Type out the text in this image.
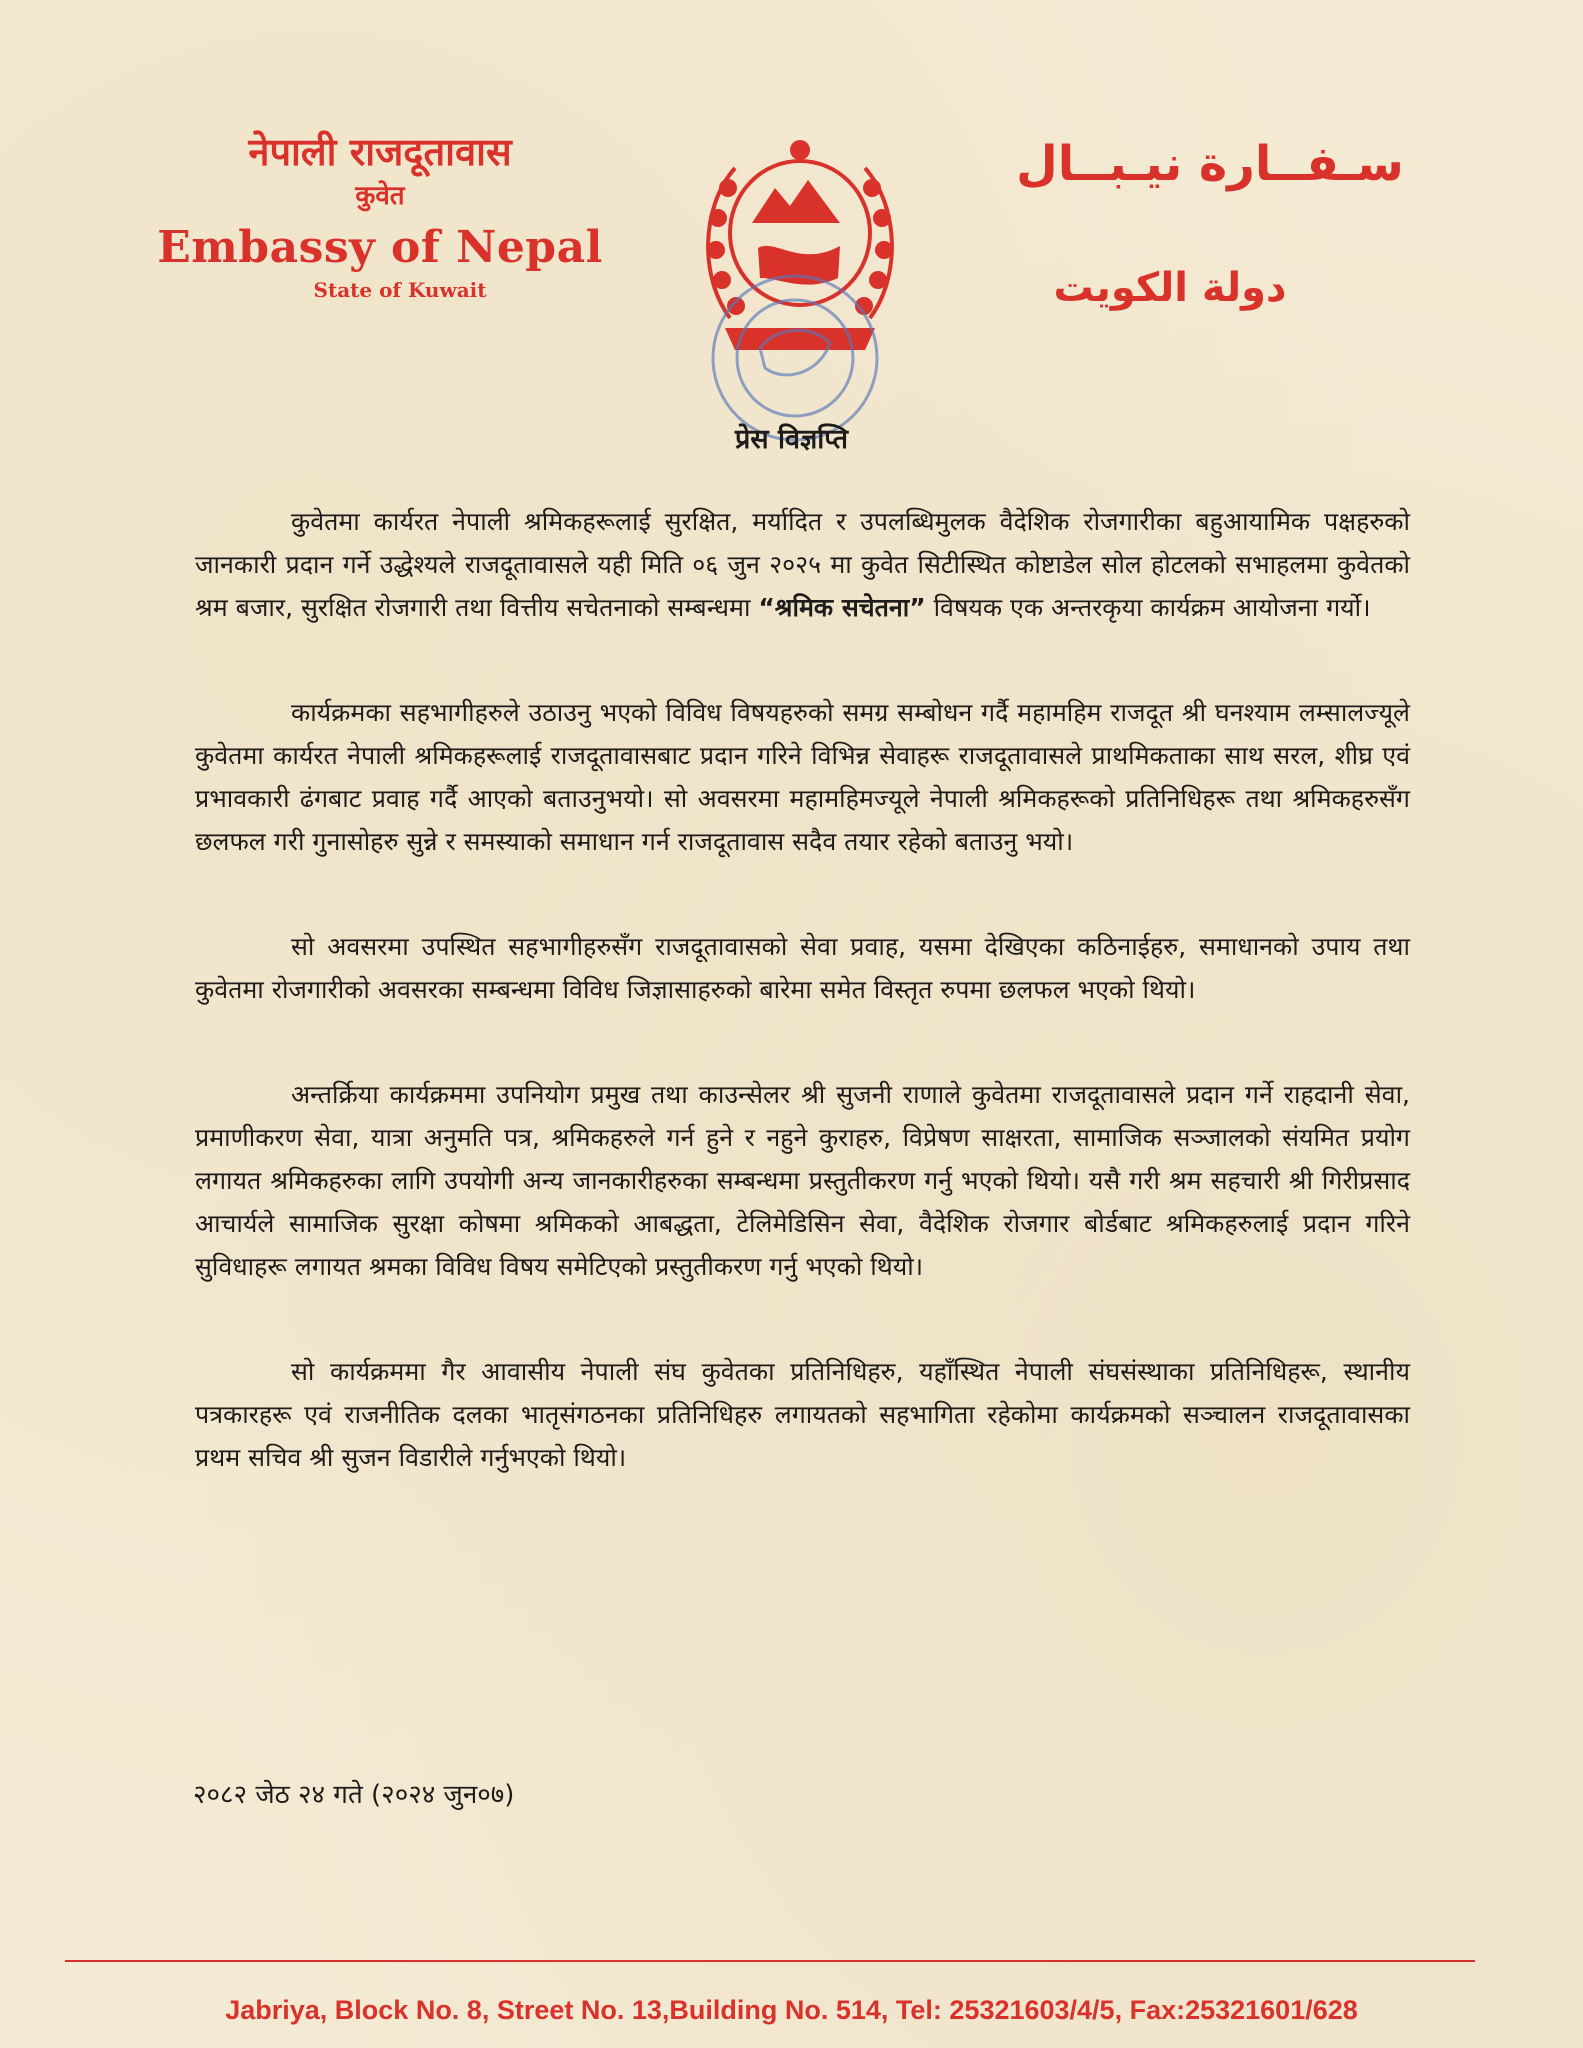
नेपाली राजदूतावास

कुवेत

Embassy of Nepal

State of Kuwait

سـفــارة نيـبــال

دولة الكويت

प्रेस विज्ञप्ति

कुवेतमा कार्यरत नेपाली श्रमिकहरूलाई सुरक्षित, मर्यादित र उपलब्धिमुलक वैदेशिक रोजगारीका बहुआयामिक पक्षहरुको जानकारी प्रदान गर्ने उद्धेश्यले राजदूतावासले यही मिति ०६ जुन २०२५ मा कुवेत सिटीस्थित कोष्टाडेल सोल होटलको सभाहलमा कुवेतको श्रम बजार, सुरक्षित रोजगारी तथा वित्तीय सचेतनाको सम्बन्धमा “श्रमिक सचेतना” विषयक एक अन्तरकृया कार्यक्रम आयोजना गर्यो।

कार्यक्रमका सहभागीहरुले उठाउनु भएको विविध विषयहरुको समग्र सम्बोधन गर्दै महामहिम राजदूत श्री घनश्याम लम्सालज्यूले कुवेतमा कार्यरत नेपाली श्रमिकहरूलाई राजदूतावासबाट प्रदान गरिने विभिन्न सेवाहरू राजदूतावासले प्राथमिकताका साथ सरल, शीघ्र एवं प्रभावकारी ढंगबाट प्रवाह गर्दै आएको बताउनुभयो। सो अवसरमा महामहिमज्यूले नेपाली श्रमिकहरूको प्रतिनिधिहरू तथा श्रमिकहरुसँग छलफल गरी गुनासोहरु सुन्ने र समस्याको समाधान गर्न राजदूतावास सदैव तयार रहेको बताउनु भयो।

सो अवसरमा उपस्थित सहभागीहरुसँग राजदूतावासको सेवा प्रवाह, यसमा देखिएका कठिनाईहरु, समाधानको उपाय तथा कुवेतमा रोजगारीको अवसरका सम्बन्धमा विविध जिज्ञासाहरुको बारेमा समेत विस्तृत रुपमा छलफल भएको थियो।

अन्तर्क्रिया कार्यक्रममा उपनियोग प्रमुख तथा काउन्सेलर श्री सुजनी राणाले कुवेतमा राजदूतावासले प्रदान गर्ने राहदानी सेवा, प्रमाणीकरण सेवा, यात्रा अनुमति पत्र, श्रमिकहरुले गर्न हुने र नहुने कुराहरु, विप्रेषण साक्षरता, सामाजिक सञ्जालको संयमित प्रयोग लगायत श्रमिकहरुका लागि उपयोगी अन्य जानकारीहरुका सम्बन्धमा प्रस्तुतीकरण गर्नु भएको थियो। यसै गरी श्रम सहचारी श्री गिरीप्रसाद आचार्यले सामाजिक सुरक्षा कोषमा श्रमिकको आबद्धता, टेलिमेडिसिन सेवा, वैदेशिक रोजगार बोर्डबाट श्रमिकहरुलाई प्रदान गरिने सुविधाहरू लगायत श्रमका विविध विषय समेटिएको प्रस्तुतीकरण गर्नु भएको थियो।

सो कार्यक्रममा गैर आवासीय नेपाली संघ कुवेतका प्रतिनिधिहरु, यहाँस्थित नेपाली संघसंस्थाका प्रतिनिधिहरू, स्थानीय पत्रकारहरू एवं राजनीतिक दलका भातृसंगठनका प्रतिनिधिहरु लगायतको सहभागिता रहेकोमा कार्यक्रमको सञ्चालन राजदूतावासका प्रथम सचिव श्री सुजन विडारीले गर्नुभएको थियो।

२०८२ जेठ २४ गते (२०२४ जुन०७)
Jabriya, Block No. 8, Street No. 13,Building No. 514, Tel: 25321603/4/5, Fax:25321601/628
